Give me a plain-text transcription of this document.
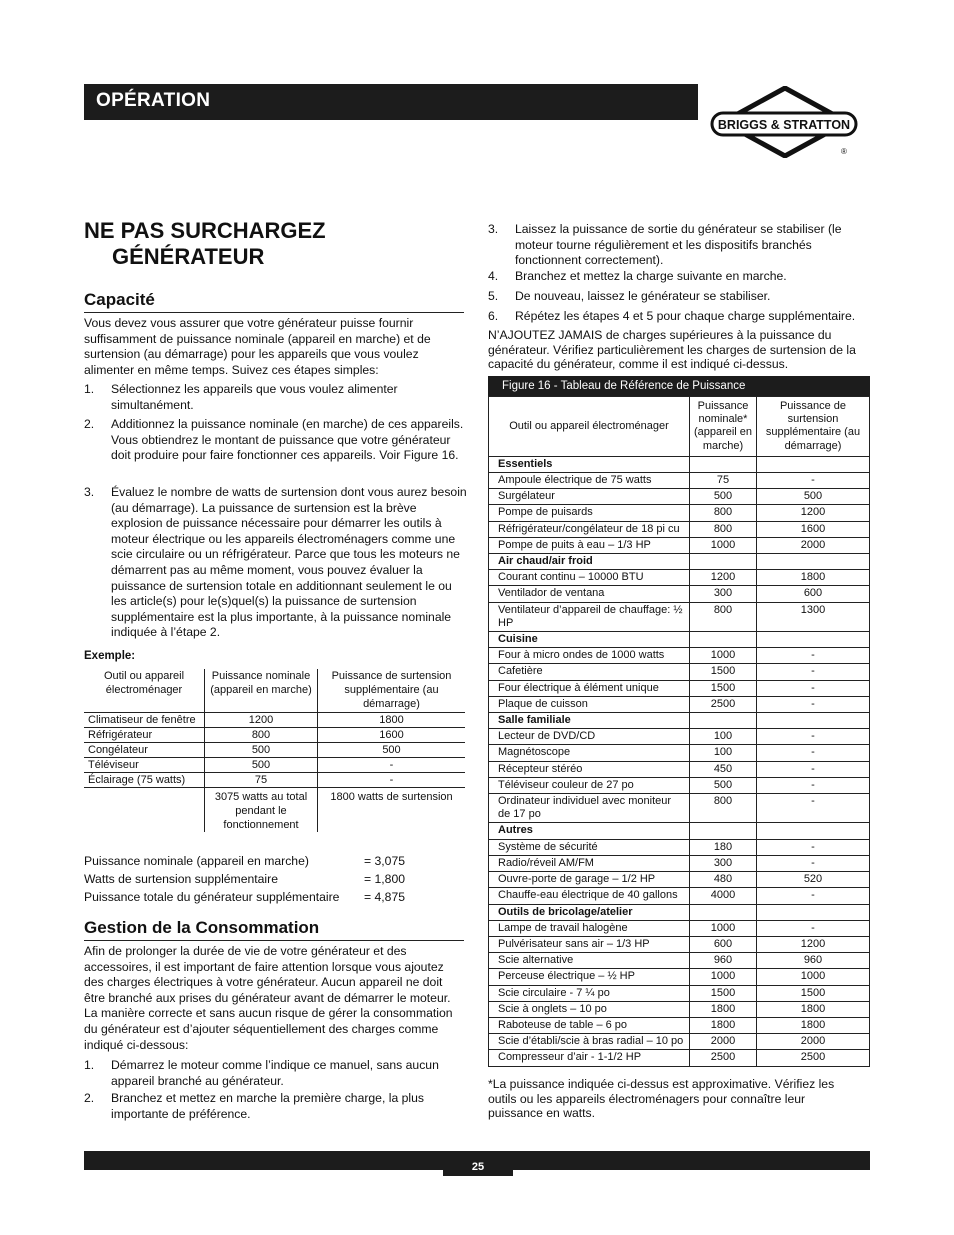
OPÉRATION
BRIGGS & STRATTON
®
NE PAS SURCHARGEZ
GÉNÉRATEUR
Capacité
Vous devez vous assurer que votre générateur puisse fournir suffisamment de puissance nominale (appareil en marche) et de surtension (au démarrage) pour les appareils que vous voulez alimenter en même temps. Suivez ces étapes simples:
1. Sélectionnez les appareils que vous voulez alimenter simultanément.
2. Additionnez la puissance nominale (en marche) de ces appareils. Vous obtiendrez le montant de puissance que votre générateur doit produire pour faire fonctionner ces appareils. Voir Figure 16.
3. Évaluez le nombre de watts de surtension dont vous aurez besoin (au démarrage). La puissance de surtension est la brève explosion de puissance nécessaire pour démarrer les outils à moteur électrique ou les appareils électroménagers comme une scie circulaire ou un réfrigérateur. Parce que tous les moteurs ne démarrent pas au même moment, vous pouvez évaluer la puissance de surtension totale en additionnant seulement le ou les article(s) pour le(s)quel(s) la puissance de surtension supplémentaire est la plus importante, à la puissance nominale indiquée à l’étape 2.
Exemple:
Outil ou appareil électroménager	Puissance nominale (appareil en marche)	Puissance de surtension supplémentaire (au démarrage)
Climatiseur de fenêtre	1200	1800
Réfrigérateur	800	1600
Congélateur	500	500
Téléviseur	500	-
Éclairage (75 watts)	75	-
	3075 watts au total pendant le fonctionnement	1800 watts de surtension
Puissance nominale (appareil en marche)	= 3,075
Watts de surtension supplémentaire	= 1,800
Puissance totale du générateur supplémentaire = 4,875
Gestion de la Consommation
Afin de prolonger la durée de vie de votre générateur et des accessoires, il est important de faire attention lorsque vous ajoutez des charges électriques à votre générateur. Aucun appareil ne doit être branché aux prises du générateur avant de démarrer le moteur. La manière correcte et sans aucun risque de gérer la consommation du générateur est d’ajouter séquentiellement des charges comme indiqué ci-dessous:
1. Démarrez le moteur comme l’indique ce manuel, sans aucun appareil branché au générateur.
2. Branchez et mettez en marche la première charge, la plus importante de préférence.
3. Laissez la puissance de sortie du générateur se stabiliser (le moteur tourne régulièrement et les dispositifs branchés fonctionnent correctement).
4. Branchez et mettez la charge suivante en marche.
5. De nouveau, laissez le générateur se stabiliser.
6. Répétez les étapes 4 et 5 pour chaque charge supplémentaire.
N’AJOUTEZ JAMAIS de charges supérieures à la puissance du générateur. Vérifiez particulièrement les charges de surtension de la capacité du générateur, comme il est indiqué ci-dessus.
Figure 16 - Tableau de Référence de Puissance
Outil ou appareil électroménager	Puissance nominale* (appareil en marche)	Puissance de surtension supplémentaire (au démarrage)
Essentiels		
Ampoule électrique de 75 watts	75	-
Surgélateur	500	500
Pompe de puisards	800	1200
Réfrigérateur/congélateur de 18 pi cu	800	1600
Pompe de puits à eau – 1/3 HP	1000	2000
Air chaud/air froid		
Courant continu – 10000 BTU	1200	1800
Ventilador de ventana	300	600
Ventilateur d’appareil de chauffage: ½ HP	800	1300
Cuisine		
Four à micro ondes de 1000 watts	1000	-
Cafetière	1500	-
Four électrique à élément unique	1500	-
Plaque de cuisson	2500	-
Salle familiale		
Lecteur de DVD/CD	100	-
Magnétoscope	100	-
Récepteur stéréo	450	-
Téléviseur couleur de 27 po	500	-
Ordinateur individuel avec moniteur de 17 po	800	-
Autres		
Système de sécurité	180	-
Radio/réveil AM/FM	300	-
Ouvre-porte de garage – 1/2 HP	480	520
Chauffe-eau électrique de 40 gallons	4000	-
Outils de bricolage/atelier		
Lampe de travail halogène	1000	-
Pulvérisateur sans air – 1/3 HP	600	1200
Scie alternative	960	960
Perceuse électrique – ½ HP	1000	1000
Scie circulaire - 7 ¼ po	1500	1500
Scie à onglets – 10 po	1800	1800
Raboteuse de table – 6 po	1800	1800
Scie d’établi/scie à bras radial – 10 po	2000	2000
Compresseur d’air - 1-1/2 HP	2500	2500
*La puissance indiquée ci-dessus est approximative. Vérifiez les outils ou les appareils électroménagers pour connaître leur puissance en watts.
25
